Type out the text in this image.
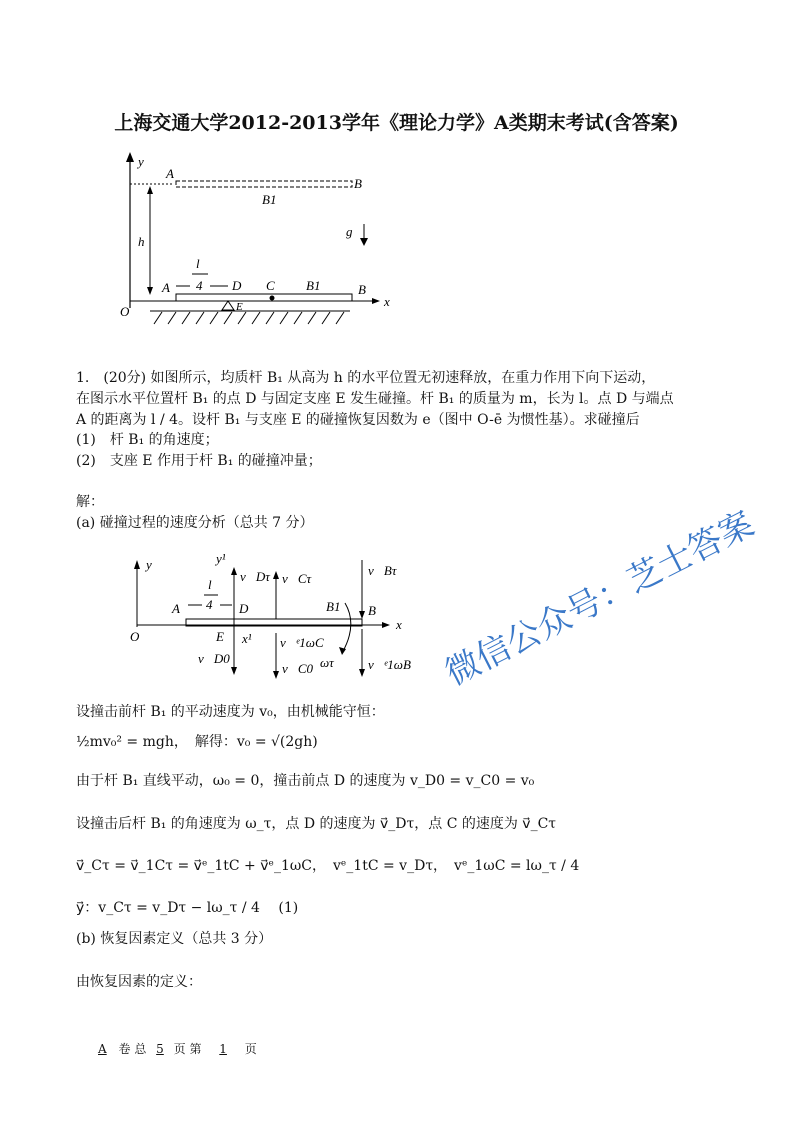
上海交通大学2012-2013学年《理论力学》A类期末考试(含答案)
y
A
B
B1
g
h
l
4
A	D C B1	B
x
O	E
1.　(20分) 如图所示，均质杆 B₁ 从高为 h 的水平位置无初速释放，在重力作用下向下运动，
在图示水平位置杆 B₁ 的点 D 与固定支座 E 发生碰撞。杆 B₁ 的质量为 m，长为 l。点 D 与端点
A 的距离为 l / 4。设杆 B₁ 与支座 E 的碰撞恢复因数为 e（图中 O-ē 为惯性基）。求碰撞后
(1)　杆 B₁ 的角速度；
(2)　支座 E 作用于杆 B₁ 的碰撞冲量；
解：
(a) 碰撞过程的速度分析（总共 7 分）
y
x
O
A	D	B1 B
l
4
y¹
v⃗Dτ
E x¹
v⃗D0
v⃗Cτ
v⃗ᵉ1ωC
v⃗C0 ωτ
v⃗Bτ
v⃗ᵉ1ωB 微信公众号：芝士答案
设撞击前杆 B₁ 的平动速度为 v₀，由机械能守恒：
½mv₀² = mgh，　解得：v₀ = √(2gh)
由于杆 B₁ 直线平动，ω₀ = 0，撞击前点 D 的速度为 v_D0 = v_C0 = v₀
设撞击后杆 B₁ 的角速度为 ω_τ，点 D 的速度为 v⃗_Dτ，点 C 的速度为 v⃗_Cτ
v⃗_Cτ = v⃗_1Cτ = v⃗ᵉ_1tC + v⃗ᵉ_1ωC，　vᵉ_1tC = v_Dτ，　vᵉ_1ωC = lω_τ / 4
y⃗：v_Cτ = v_Dτ − lω_τ / 4　 (1)
(b) 恢复因素定义（总共 3 分）
由恢复因素的定义：
A 卷 总 5 页 第 1 页
